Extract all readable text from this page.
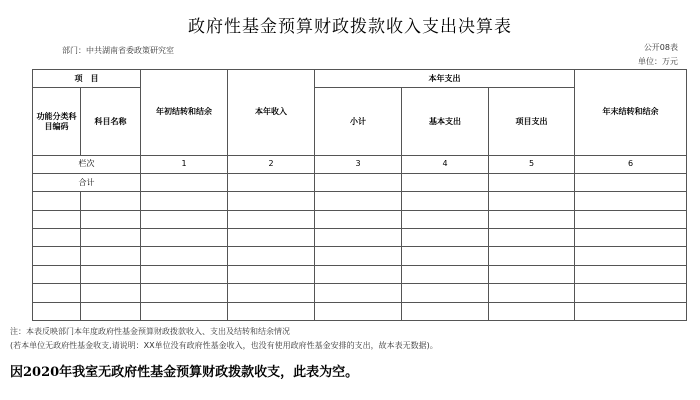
政府性基金预算财政拨款收入支出决算表
部门：中共湖南省委政策研究室	公开08表
单位：万元
项　目		年初结转和结余	本年收入	本年支出			年末结转和结余
功能分类科目编码	科目名称			小计	基本支出	项目支出	

栏次		1	2	3	4	5	6
合计							

注：本表反映部门本年度政府性基金预算财政拨款收入、支出及结转和结余情况
(若本单位无政府性基金收支,请说明：XX单位没有政府性基金收入，也没有使用政府性基金安排的支出，故本表无数据)。
因2020年我室无政府性基金预算财政拨款收支，此表为空。
